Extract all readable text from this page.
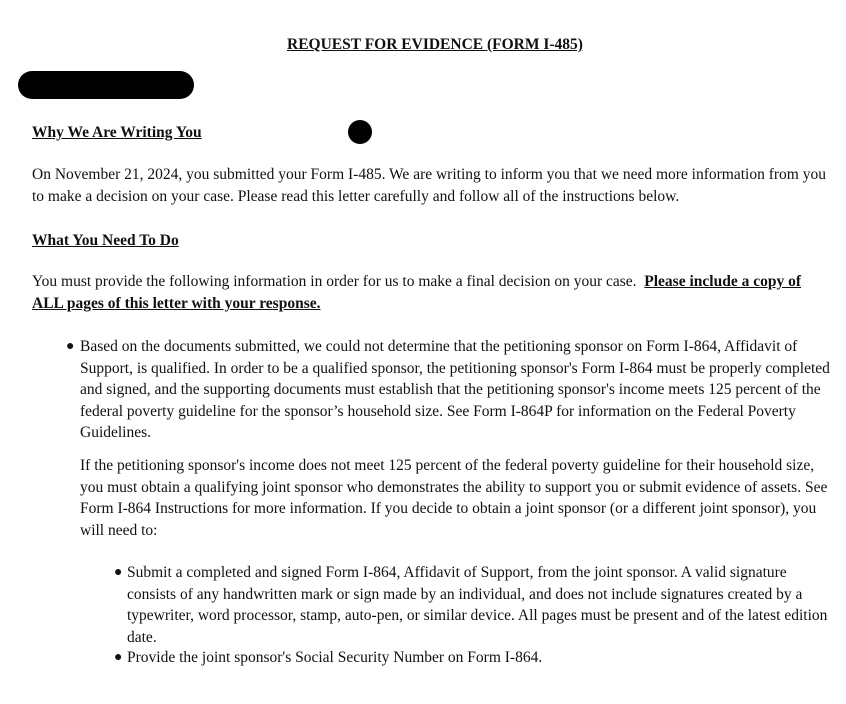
REQUEST FOR EVIDENCE (FORM I-485)
Why We Are Writing You
On November 21, 2024, you submitted your Form I-485. We are writing to inform you that we need more information from you to make a decision on your case. Please read this letter carefully and follow all of the instructions below.
What You Need To Do
You must provide the following information in order for us to make a final decision on your case. Please include a copy of ALL pages of this letter with your response.
● Based on the documents submitted, we could not determine that the petitioning sponsor on Form I-864, Affidavit of Support, is qualified. In order to be a qualified sponsor, the petitioning sponsor's Form I-864 must be properly completed and signed, and the supporting documents must establish that the petitioning sponsor's income meets 125 percent of the federal poverty guideline for the sponsor’s household size. See Form I-864P for information on the Federal Poverty Guidelines.
If the petitioning sponsor's income does not meet 125 percent of the federal poverty guideline for their household size, you must obtain a qualifying joint sponsor who demonstrates the ability to support you or submit evidence of assets. See Form I-864 Instructions for more information. If you decide to obtain a joint sponsor (or a different joint sponsor), you will need to:
● Submit a completed and signed Form I-864, Affidavit of Support, from the joint sponsor. A valid signature consists of any handwritten mark or sign made by an individual, and does not include signatures created by a typewriter, word processor, stamp, auto-pen, or similar device. All pages must be present and of the latest edition date.
● Provide the joint sponsor's Social Security Number on Form I-864.
